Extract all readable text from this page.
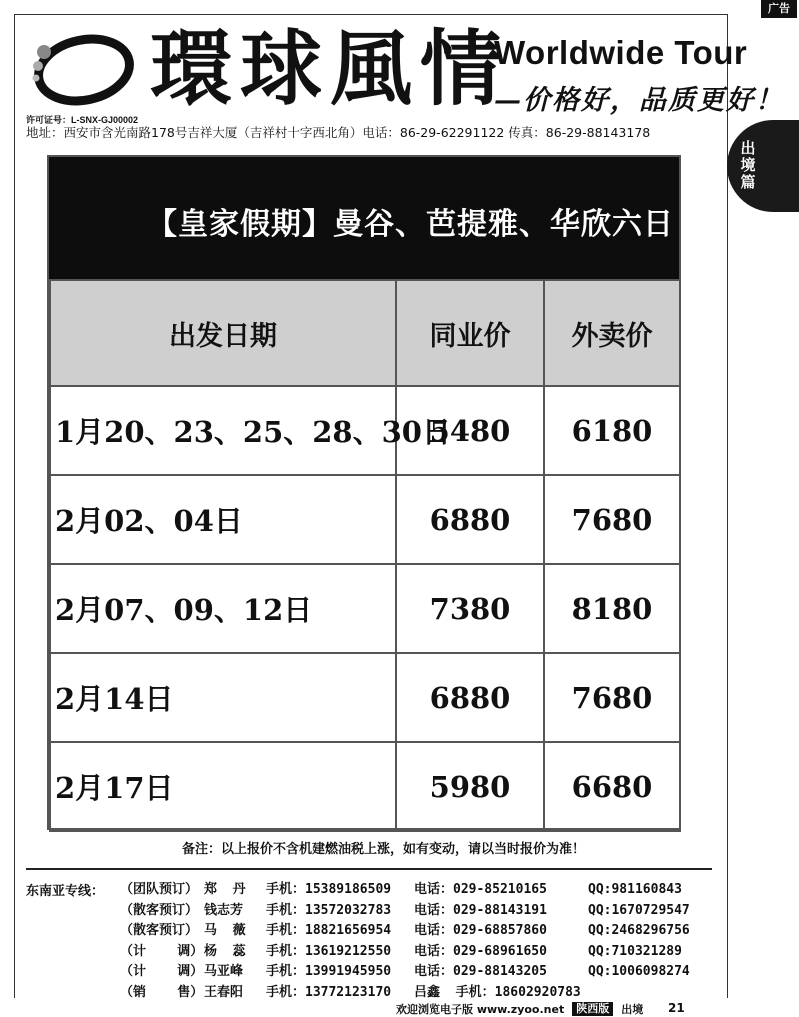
广告
出境篇
環球風情
Worldwide Tour
—价格好，品质更好！
许可证号：L-SNX-GJ00002
地址：西安市含光南路178号吉祥大厦（吉祥村十字西北角）电话：86-29-62291122 传真：86-29-88143178
【皇家假期】曼谷、芭提雅、华欣六日
出发日期	同业价	外卖价
1月20、23、25、28、30日	5480	6180
2月02、04日	6880	7680
2月07、09、12日	7380	8180
2月14日	6880	7680
2月17日	5980	6680
备注：以上报价不含机建燃油税上涨，如有变动，请以当时报价为准！
东南亚专线： （团队预订） 郑  丹	手机：15389186509	电话：029-85210165	QQ:981160843
（散客预订） 钱志芳	手机：13572032783	电话：029-88143191	QQ:1670729547
（散客预订） 马  薇	手机：18821656954	电话：029-68857860	QQ:2468296756
（计    调） 杨  蕊	手机：13619212550	电话：029-68961650	QQ:710321289
（计    调） 马亚峰	手机：13991945950	电话：029-88143205	QQ:1006098274
（销    售） 王春阳	手机：13772123170	吕鑫  手机：18602920783
欢迎浏览电子版 www.zyoo.net	陕西版	出境 21
